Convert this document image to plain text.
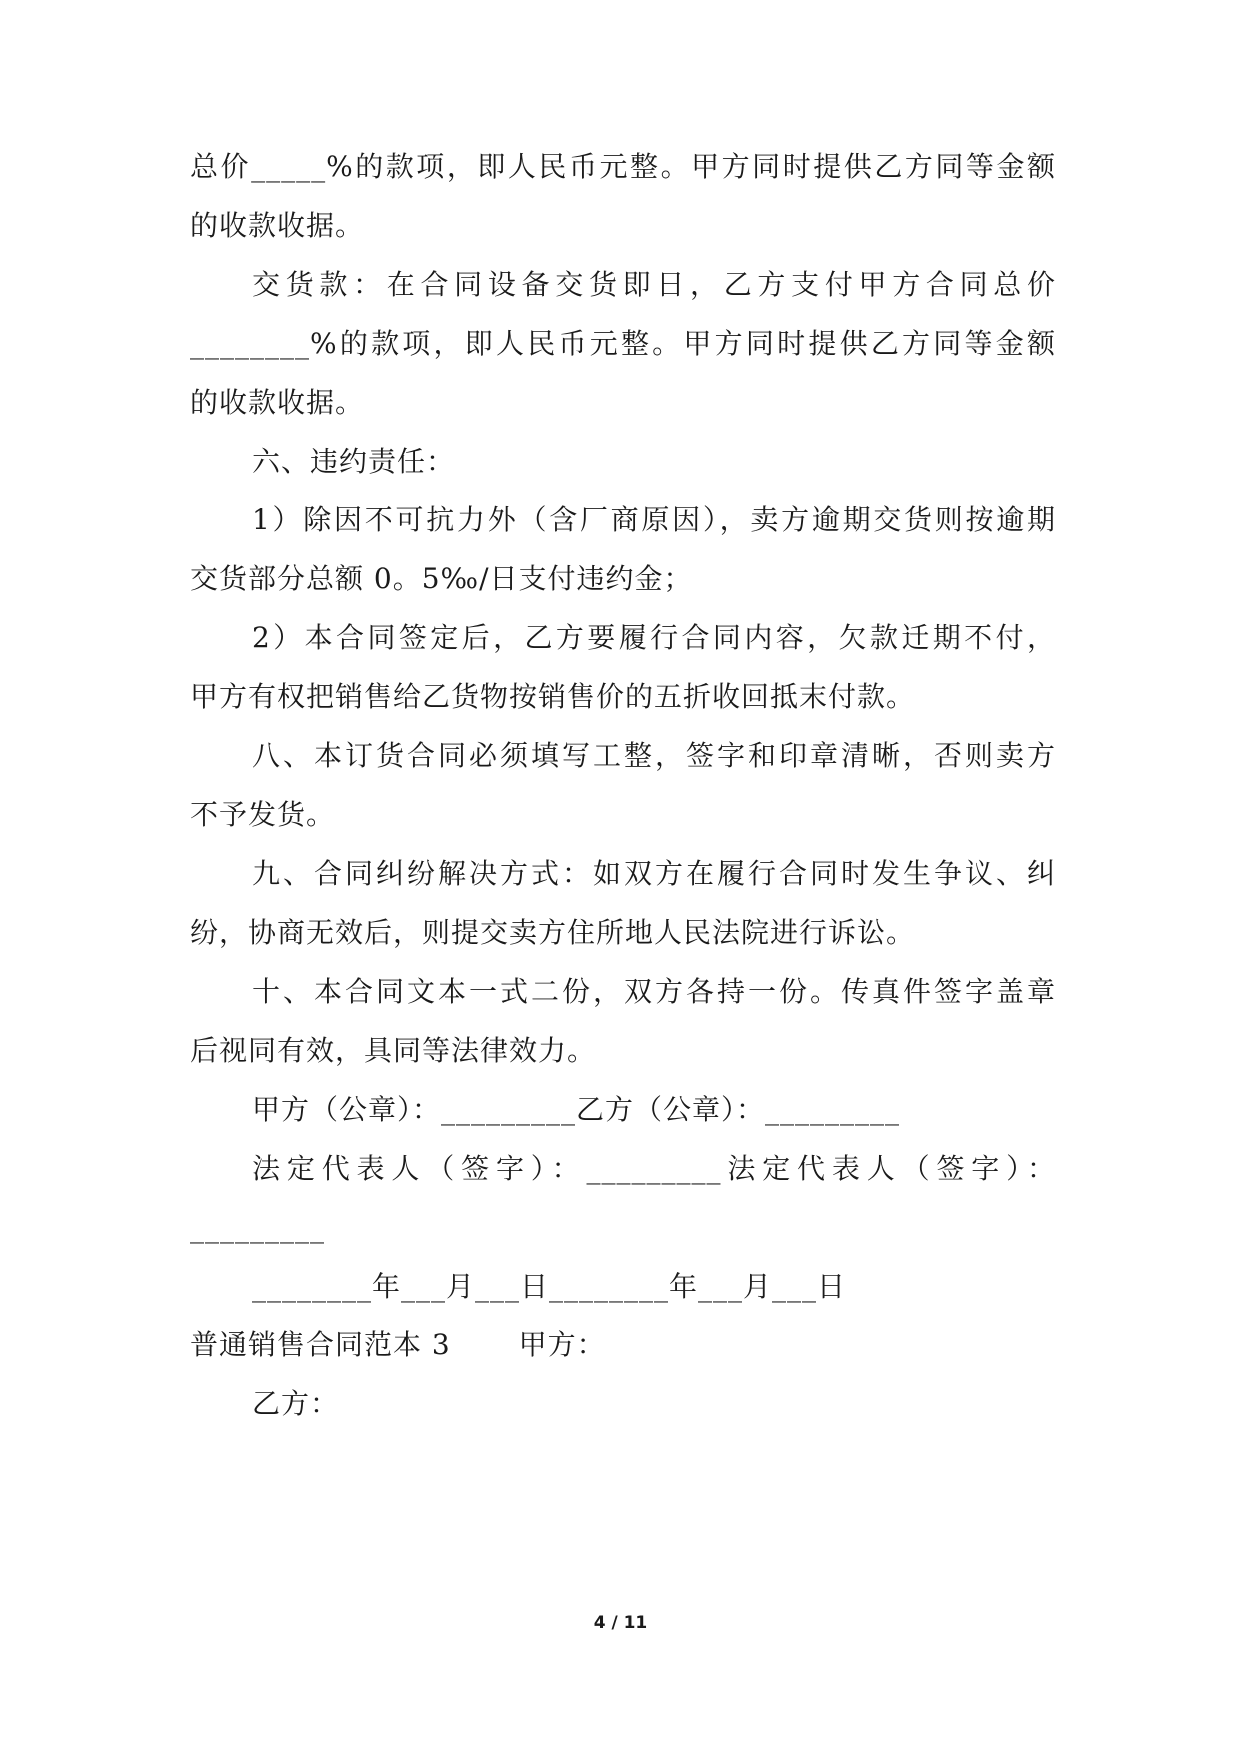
总价_____%的款项，即人民币元整。甲方同时提供乙方同等金额
的收款收据。
交货款：在合同设备交货即日，乙方支付甲方合同总价
________%的款项，即人民币元整。甲方同时提供乙方同等金额
的收款收据。
六、违约责任：
1）除因不可抗力外（含厂商原因），卖方逾期交货则按逾期
交货部分总额 0。5‰/日支付违约金；
2）本合同签定后，乙方要履行合同内容，欠款迁期不付，
甲方有权把销售给乙货物按销售价的五折收回抵末付款。
八、本订货合同必须填写工整，签字和印章清晰，否则卖方
不予发货。
九、合同纠纷解决方式：如双方在履行合同时发生争议、纠
纷，协商无效后，则提交卖方住所地人民法院进行诉讼。
十、本合同文本一式二份，双方各持一份。传真件签字盖章
后视同有效，具同等法律效力。
甲方（公章）：_________乙方（公章）：_________
法定代表人（签字）：_________法定代表人（签字）：
_________
________年___月___日________年___月___日
普通销售合同范本 3　　 甲方：
乙方：
4 / 11
